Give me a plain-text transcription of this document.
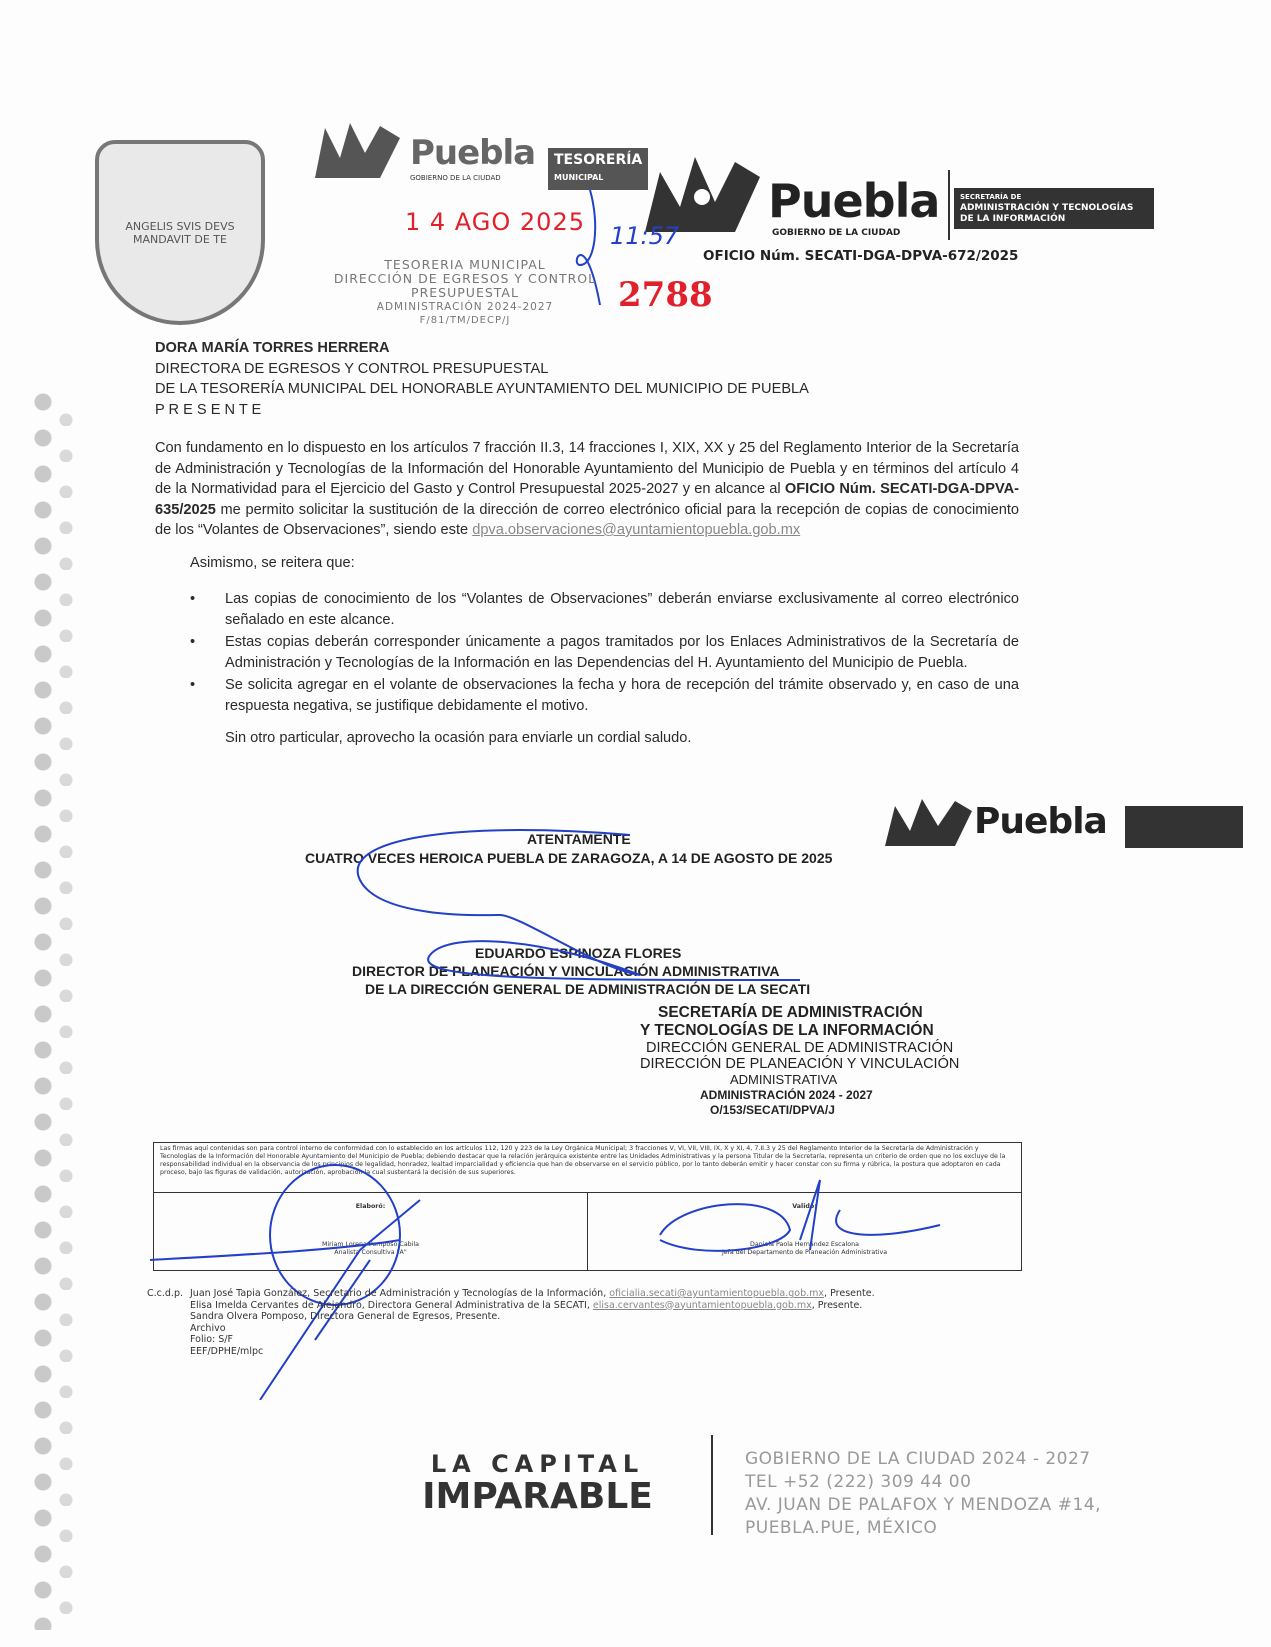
ANGELIS SVIS DEVS MANDAVIT DE TE
Puebla
GOBIERNO DE LA CIUDAD
TESORERÍA
MUNICIPAL	Puebla
GOBIERNO DE LA CIUDAD
SECRETARÍA DE
ADMINISTRACIÓN Y TECNOLOGÍAS
DE LA INFORMACIÓN
OFICIO Núm. SECATI-DGA-DPVA-672/2025
1 4 AGO 2025 11:57
TESORERIA MUNICIPAL
DIRECCIÓN DE EGRESOS Y CONTROL
PRESUPUESTAL
ADMINISTRACIÓN 2024-2027
F/81/TM/DECP/J
2788
DORA MARÍA TORRES HERRERA
DIRECTORA DE EGRESOS Y CONTROL PRESUPUESTAL
DE LA TESORERÍA MUNICIPAL DEL HONORABLE AYUNTAMIENTO DEL MUNICIPIO DE PUEBLA
P R E S E N T E
Con fundamento en lo dispuesto en los artículos 7 fracción II.3, 14 fracciones I, XIX, XX y 25 del Reglamento Interior de la Secretaría de Administración y Tecnologías de la Información del Honorable Ayuntamiento del Municipio de Puebla y en términos del artículo 4 de la Normatividad para el Ejercicio del Gasto y Control Presupuestal 2025-2027 y en alcance al OFICIO Núm. SECATI-DGA-DPVA-635/2025 me permito solicitar la sustitución de la dirección de correo electrónico oficial para la recepción de copias de conocimiento de los “Volantes de Observaciones”, siendo este dpva.observaciones@ayuntamientopuebla.gob.mx
Asimismo, se reitera que:
•	Las copias de conocimiento de los “Volantes de Observaciones” deberán enviarse exclusivamente al correo electrónico señalado en este alcance.
•	Estas copias deberán corresponder únicamente a pagos tramitados por los Enlaces Administrativos de la Secretaría de Administración y Tecnologías de la Información en las Dependencias del H. Ayuntamiento del Municipio de Puebla.
•	Se solicita agregar en el volante de observaciones la fecha y hora de recepción del trámite observado y, en caso de una respuesta negativa, se justifique debidamente el motivo.
Sin otro particular, aprovecho la ocasión para enviarle un cordial saludo.
ATENTAMENTE
CUATRO VECES HEROICA PUEBLA DE ZARAGOZA, A 14 DE AGOSTO DE 2025
EDUARDO ESPINOZA FLORES
DIRECTOR DE PLANEACIÓN Y VINCULACIÓN ADMINISTRATIVA
DE LA DIRECCIÓN GENERAL DE ADMINISTRACIÓN DE LA SECATI
Puebla
SECRETARÍA DE ADMINISTRACIÓN
Y TECNOLOGÍAS DE LA INFORMACIÓN
DIRECCIÓN GENERAL DE ADMINISTRACIÓN
DIRECCIÓN DE PLANEACIÓN Y VINCULACIÓN
ADMINISTRATIVA
ADMINISTRACIÓN 2024 - 2027
O/153/SECATI/DPVA/J
Las firmas aquí contenidas son para control interno de conformidad con lo establecido en los artículos 112, 120 y 223 de la Ley Orgánica Municipal; 3 fracciones V, VI, VII, VIII, IX, X y XI, 4, 7.II.3 y 25 del Reglamento Interior de la Secretaría de Administración y Tecnologías de la Información del Honorable Ayuntamiento del Municipio de Puebla; debiendo destacar que la relación jerárquica existente entre las Unidades Administrativas y la persona Titular de la Secretaría, representa un criterio de orden que no los excluye de la responsabilidad individual en la observancia de los principios de legalidad, honradez, lealtad imparcialidad y eficiencia que han de observarse en el servicio público, por lo tanto deberán emitir y hacer constar con su firma y rúbrica, la postura que adoptaron en cada proceso, bajo las figuras de validación, autorización, aprobación la cual sustentará la decisión de sus superiores.

Elaboró:
Miriam Lorena Pomposo Cabila
Analista Consultiva "A"

Validó:
Daniela Paola Hernández Escalona
Jefa del Departamento de Planeación Administrativa
C.c.d.p. Juan José Tapia González, Secretario de Administración y Tecnologías de la Información, oficialia.secati@ayuntamientopuebla.gob.mx, Presente.
Elisa Imelda Cervantes de Alejandro, Directora General Administrativa de la SECATI, elisa.cervantes@ayuntamientopuebla.gob.mx, Presente.
Sandra Olvera Pomposo, Directora General de Egresos, Presente.
Archivo
Folio: S/F
EEF/DPHE/mlpc
LA CAPITAL
IMPARABLE
GOBIERNO DE LA CIUDAD 2024 - 2027
TEL +52 (222) 309 44 00
AV. JUAN DE PALAFOX Y MENDOZA #14,
PUEBLA.PUE, MÉXICO
